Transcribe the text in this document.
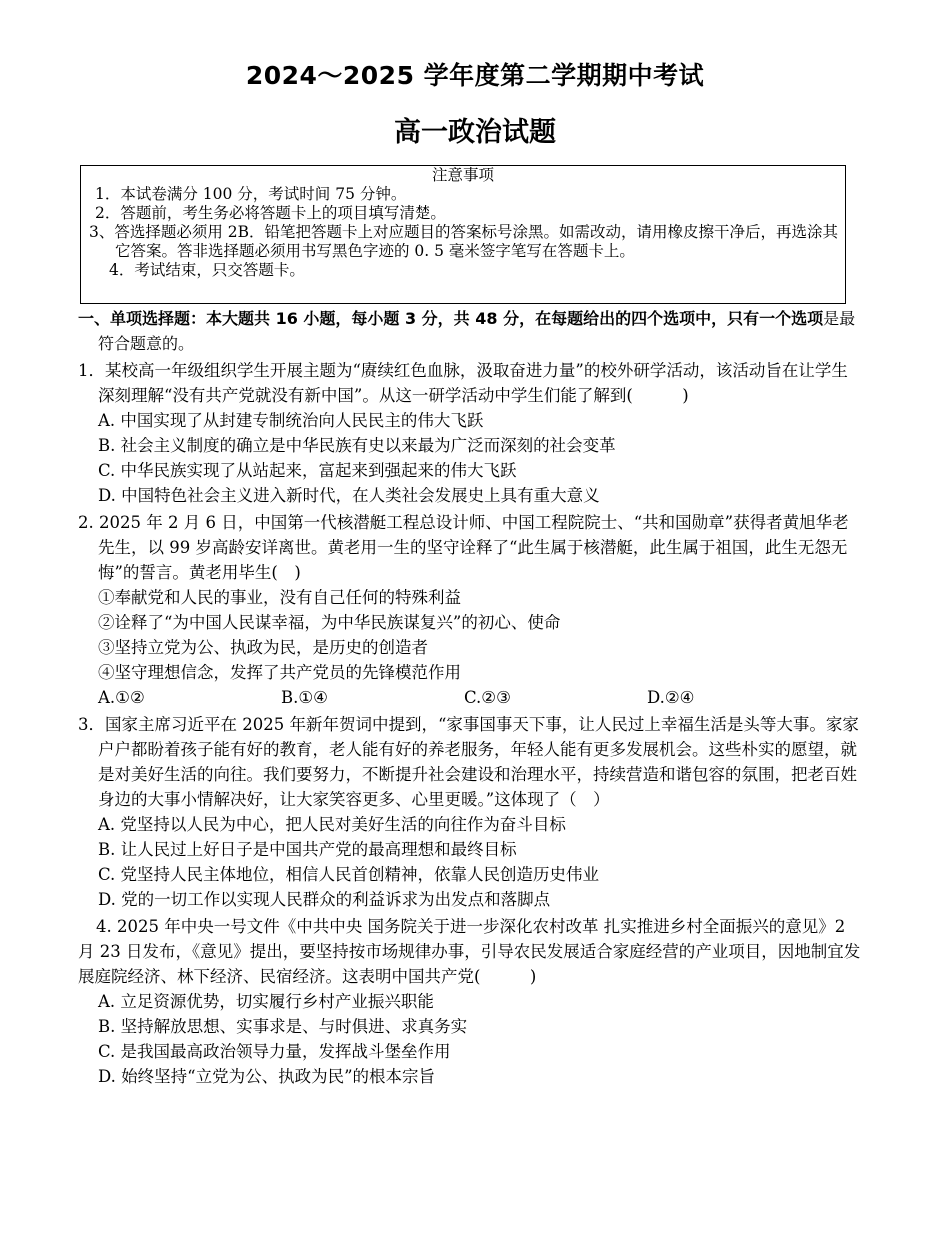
2024～2025 学年度第二学期期中考试
高一政治试题
注意事项
1．本试卷满分 100 分，考试时间 75 分钟。
2．答题前，考生务必将答题卡上的项目填写清楚。
3、答选择题必须用 2B．铅笔把答题卡上对应题目的答案标号涂黑。如需改动，请用橡皮擦干净后，再选涂其它答案。答非选择题必须用书写黑色字迹的 0. 5 毫米签字笔写在答题卡上。
4．考试结束，只交答题卡。
一、单项选择题：本大题共 16 小题，每小题 3 分，共 48 分，在每题给出的四个选项中，只有一个选项是最符合题意的。
1．某校高一年级组织学生开展主题为“赓续红色血脉，汲取奋进力量”的校外研学活动，该活动旨在让学生深刻理解“没有共产党就没有新中国”。从这一研学活动中学生们能了解到(　　　)
A. 中国实现了从封建专制统治向人民民主的伟大飞跃
B. 社会主义制度的确立是中华民族有史以来最为广泛而深刻的社会变革
C. 中华民族实现了从站起来，富起来到强起来的伟大飞跃
D. 中国特色社会主义进入新时代，在人类社会发展史上具有重大意义
2. 2025 年 2 月 6 日，中国第一代核潜艇工程总设计师、中国工程院院士、“共和国勋章”获得者黄旭华老先生，以 99 岁高龄安详离世。黄老用一生的坚守诠释了“此生属于核潜艇，此生属于祖国，此生无怨无悔”的誓言。黄老用毕生(　)
①奉献党和人民的事业，没有自己任何的特殊利益
②诠释了“为中国人民谋幸福，为中华民族谋复兴”的初心、使命
③坚持立党为公、执政为民，是历史的创造者
④坚守理想信念，发挥了共产党员的先锋模范作用
A.①②	B.①④	C.②③	D.②④
3．国家主席习近平在 2025 年新年贺词中提到，“家事国事天下事，让人民过上幸福生活是头等大事。家家户户都盼着孩子能有好的教育，老人能有好的养老服务，年轻人能有更多发展机会。这些朴实的愿望，就是对美好生活的向往。我们要努力，不断提升社会建设和治理水平，持续营造和谐包容的氛围，把老百姓身边的大事小情解决好，让大家笑容更多、心里更暖。”这体现了（　）
A. 党坚持以人民为中心，把人民对美好生活的向往作为奋斗目标
B. 让人民过上好日子是中国共产党的最高理想和最终目标
C. 党坚持人民主体地位，相信人民首创精神，依靠人民创造历史伟业
D. 党的一切工作以实现人民群众的利益诉求为出发点和落脚点
4. 2025 年中央一号文件《中共中央 国务院关于进一步深化农村改革 扎实推进乡村全面振兴的意见》2 月 23 日发布，《意见》提出，要坚持按市场规律办事，引导农民发展适合家庭经营的产业项目，因地制宜发展庭院经济、林下经济、民宿经济。这表明中国共产党(　　　)
A. 立足资源优势，切实履行乡村产业振兴职能
B. 坚持解放思想、实事求是、与时俱进、求真务实
C. 是我国最高政治领导力量，发挥战斗堡垒作用
D. 始终坚持“立党为公、执政为民”的根本宗旨
